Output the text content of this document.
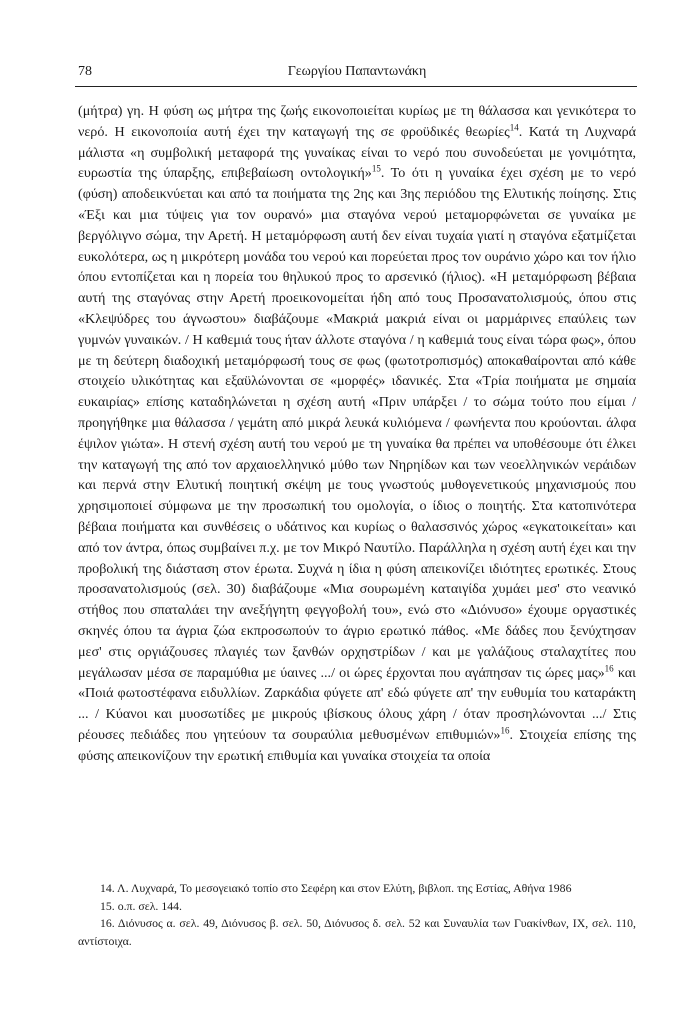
78	Γεωργίου Παπαντωνάκη

(μήτρα) γη. Η φύση ως μήτρα της ζωής εικονοποιείται κυρίως με τη θάλασσα και γενικότερα το νερό. Η εικονοποιία αυτή έχει την καταγωγή της σε φροϋδικές θεωρίες$^{14}$. Κατά τη Λυχναρά μάλιστα «η συμβολική μεταφορά της γυναίκας είναι το νερό που συνοδεύεται με γονιμότητα, ευρωστία της ύπαρξης, επιβεβαίωση οντολογική»$^{15}$. Το ότι η γυναίκα έχει σχέση με το νερό (φύση) αποδεικνύεται και από τα ποιήματα της 2ης και 3ης περιόδου της Ελυτικής ποίησης. Στις «Έξι και μια τύψεις για τον ουρανό» μια σταγόνα νερού μεταμορφώνεται σε γυναίκα με βεργόλιγνο σώμα, την Αρετή. Η μεταμόρφωση αυτή δεν είναι τυχαία γιατί η σταγόνα εξατμίζεται ευκολότερα, ως η μικρότερη μονάδα του νερού και πορεύεται προς τον ουράνιο χώρο και τον ήλιο όπου εντοπίζεται και η πορεία του θηλυκού προς το αρσενικό (ήλιος). «Η μεταμόρφωση βέβαια αυτή της σταγόνας στην Αρετή προεικονομείται ήδη από τους Προσανατολισμούς, όπου στις «Κλεψύδρες του άγνωστου» διαβάζουμε «Μακριά μακριά είναι οι μαρμάρινες επαύλεις των γυμνών γυναικών. / Η καθεμιά τους ήταν άλλοτε σταγόνα / η καθεμιά τους είναι τώρα φως», όπου με τη δεύτερη διαδοχική μεταμόρφωσή τους σε φως (φωτοτροπισμός) αποκαθαίρονται από κάθε στοιχείο υλικότητας και εξαϋλώνονται σε «μορφές» ιδανικές. Στα «Τρία ποιήματα με σημαία ευκαιρίας» επίσης καταδηλώνεται η σχέση αυτή «Πριν υπάρξει / το σώμα τούτο που είμαι / προηγήθηκε μια θάλασσα / γεμάτη από μικρά λευκά κυλιόμενα / φωνήεντα που κρούονται. άλφα έψιλον γιώτα». Η στενή σχέση αυτή του νερού με τη γυναίκα θα πρέπει να υποθέσουμε ότι έλκει την καταγωγή της από τον αρχαιοελληνικό μύθο των Νηρηίδων και των νεοελληνικών νεράιδων και περνά στην Ελυτική ποιητική σκέψη με τους γνωστούς μυθογενετικούς μηχανισμούς που χρησιμοποιεί σύμφωνα με την προσωπική του ομολογία, ο ίδιος ο ποιητής. Στα κατοπινότερα βέβαια ποιήματα και συνθέσεις ο υδάτινος και κυρίως ο θαλασσινός χώρος «εγκατοικείται» και από τον άντρα, όπως συμβαίνει π.χ. με τον Μικρό Ναυτίλο. Παράλληλα η σχέση αυτή έχει και την προβολική της διάσταση στον έρωτα. Συχνά η ίδια η φύση απεικονίζει ιδιότητες ερωτικές. Στους προσανατολισμούς (σελ. 30) διαβάζουμε «Μια σουρωμένη καταιγίδα χυμάει μεσ' στο νεανικό στήθος που σπαταλάει την ανεξήγητη φεγγοβολή του», ενώ στο «Διόνυσο» έχουμε οργαστικές σκηνές όπου τα άγρια ζώα εκπροσωπούν το άγριο ερωτικό πάθος. «Με δάδες που ξενύχτησαν μεσ' στις οργιάζουσες πλαγιές των ξανθών ορχηστρίδων / και με γαλάζιους σταλαχτίτες που μεγάλωσαν μέσα σε παραμύθια με ύαινες .../ οι ώρες έρχονται που αγάπησαν τις ώρες μας»$^{16}$ και «Ποιά φωτοστέφανα ειδυλλίων. Ζαρκάδια φύγετε απ' εδώ φύγετε απ' την ευθυμία του καταράκτη ... / Κύανοι και μυοσωτίδες με μικρούς ιβίσκους όλους χάρη / όταν προσηλώνονται .../ Στις ρέουσες πεδιάδες που γητεύουν τα σουραύλια μεθυσμένων επιθυμιών»$^{16}$. Στοιχεία επίσης της φύσης απεικονίζουν την ερωτική επιθυμία και γυναίκα στοιχεία τα οποία

14. Λ. Λυχναρά, Το μεσογειακό τοπίο στο Σεφέρη και στον Ελύτη, βιβλοπ. της Εστίας, Αθήνα 1986

15. ο.π. σελ. 144.

16. Διόνυσος α. σελ. 49, Διόνυσος β. σελ. 50, Διόνυσος δ. σελ. 52 και Συναυλία των Γυακίνθων, IX, σελ. 110, αντίστοιχα.
